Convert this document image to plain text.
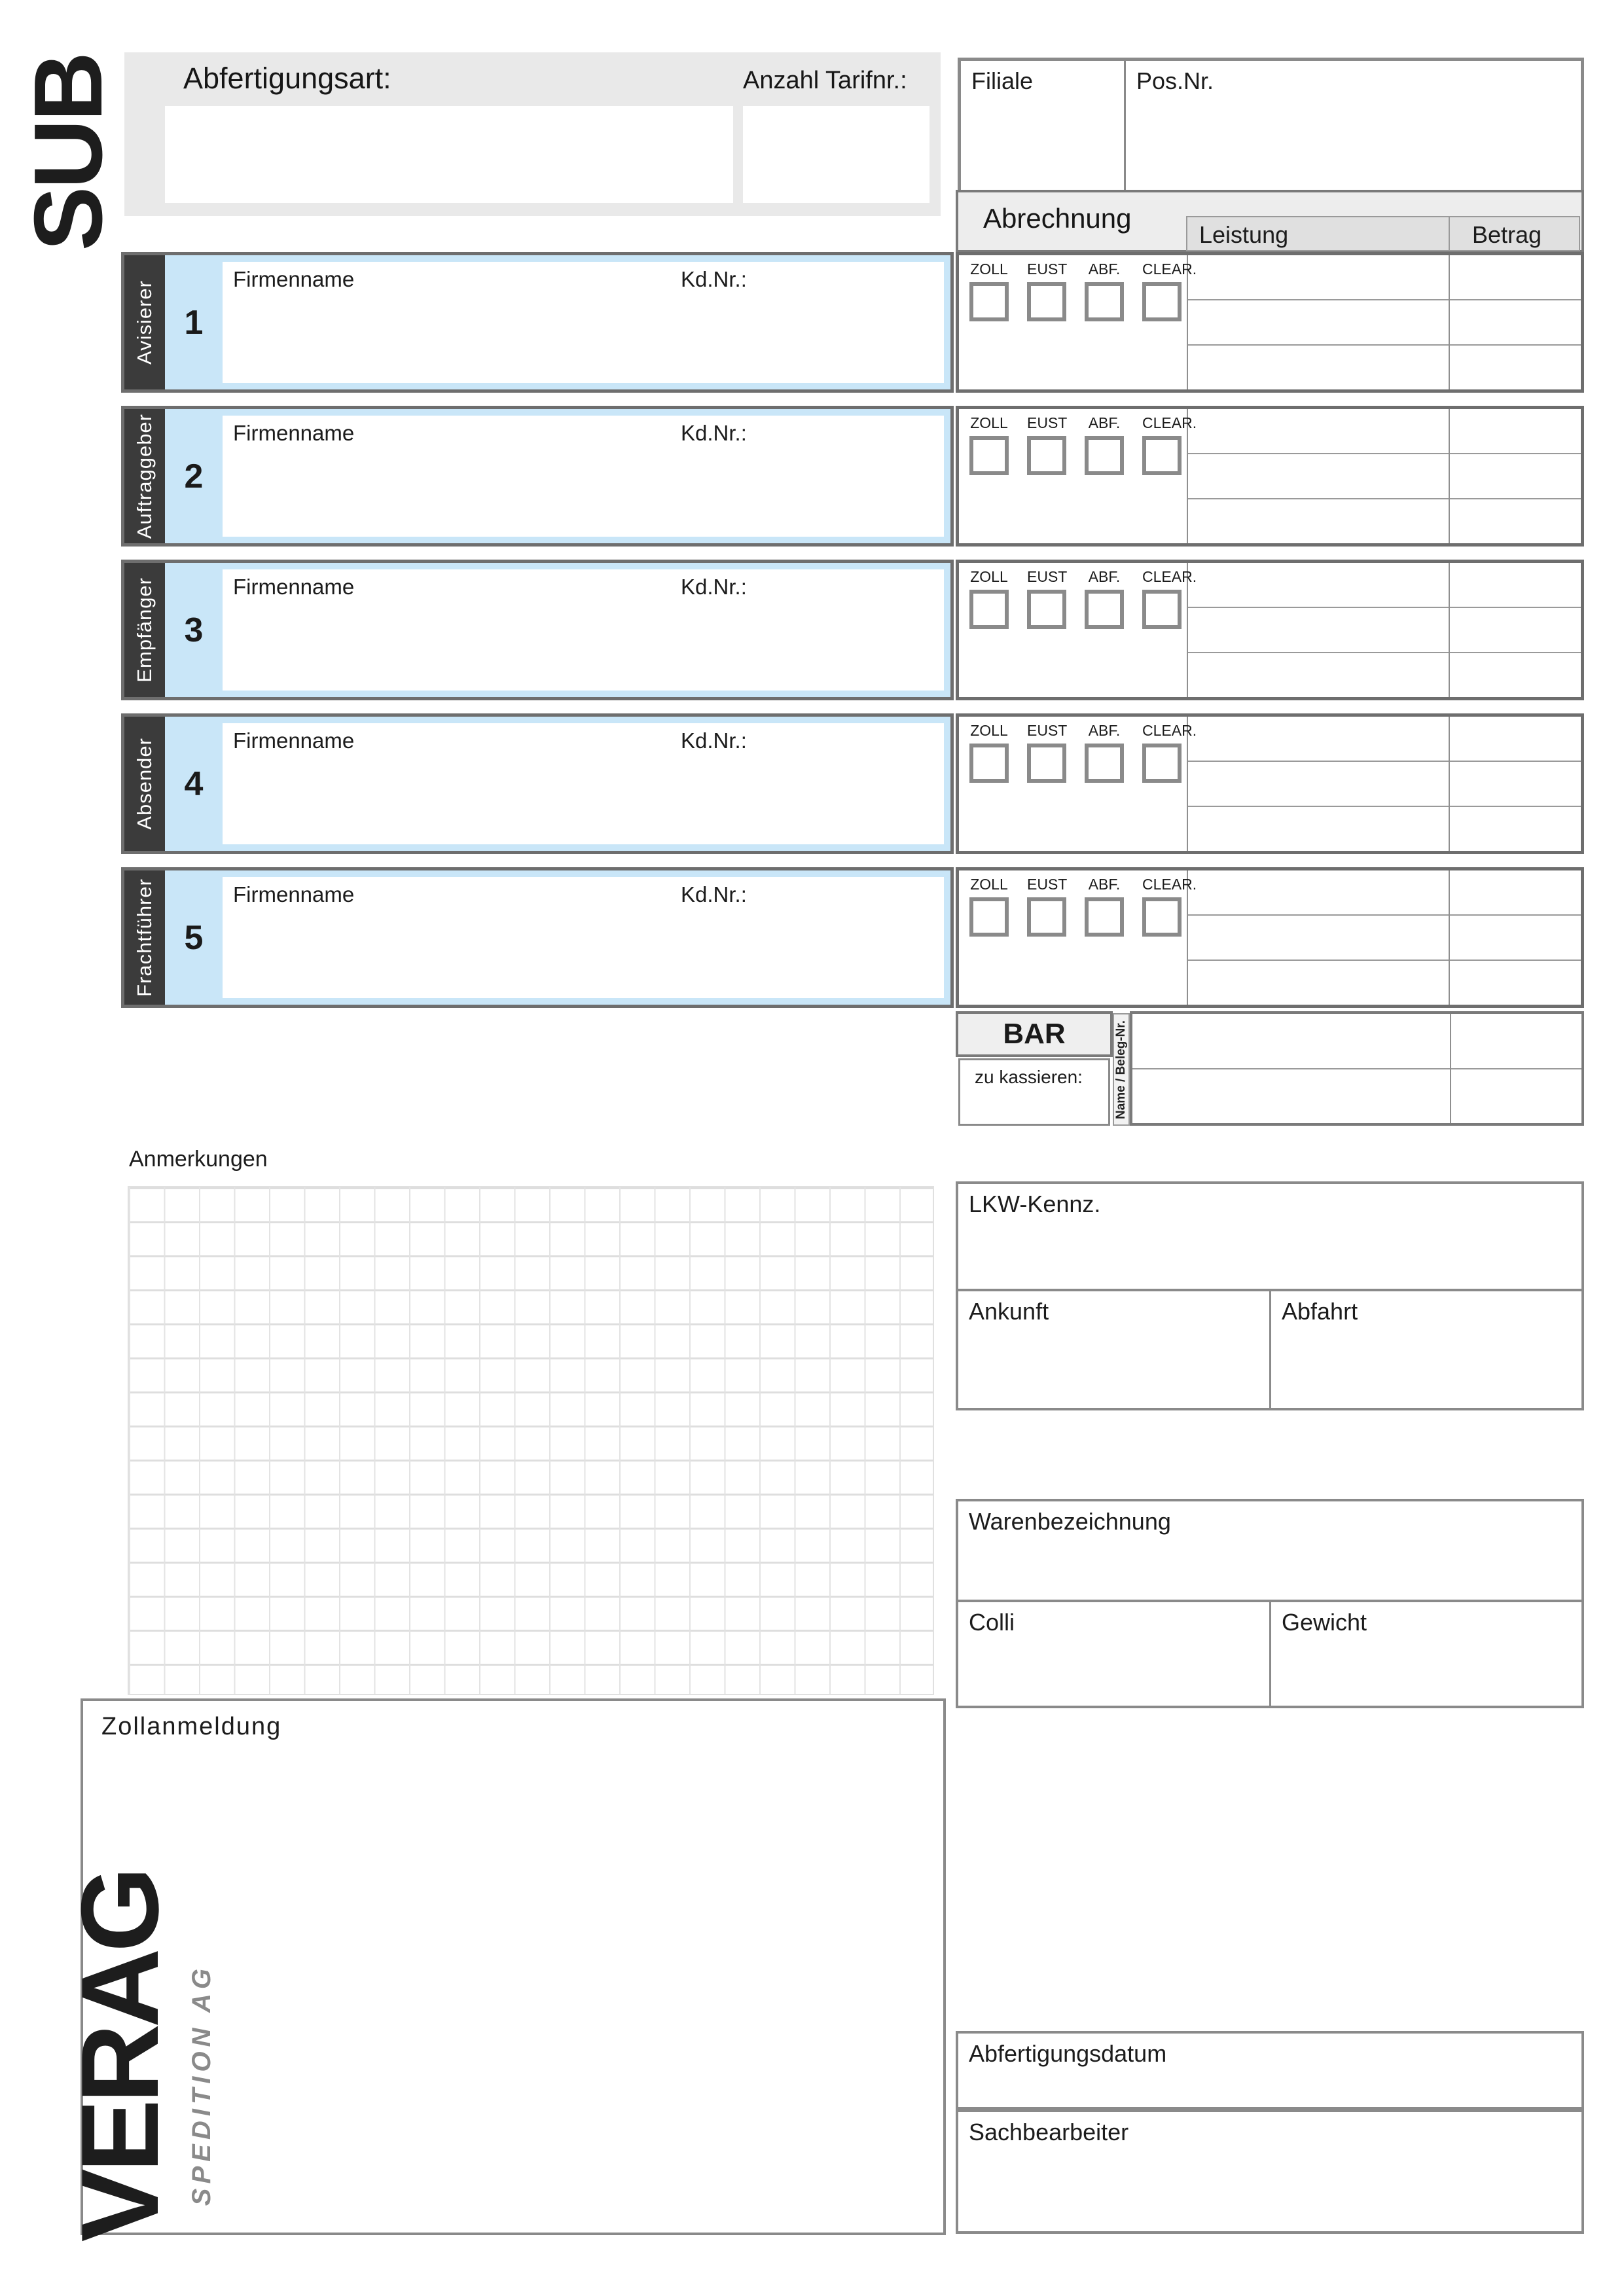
SUB Abfertigungsart:	Anzahl Tarifnr.:	Filiale	Pos.Nr.
Abrechnung
Leistung	Betrag
Avisierer 1
Firmenname	Kd.Nr.:
Auftraggeber 2
Firmenname	Kd.Nr.:
Empfänger 3
Firmenname	Kd.Nr.:
Absender 4
Firmenname	Kd.Nr.:
Frachtführer 5
Firmenname	Kd.Nr.:
ZOLL EUST ABF. CLEAR.
ZOLL EUST ABF. CLEAR.
ZOLL EUST ABF. CLEAR.
ZOLL EUST ABF. CLEAR.
ZOLL EUST ABF. CLEAR.
BAR
zu kassieren:	Name / Beleg-Nr.
Anmerkungen
LKW-Kennz.
Ankunft	Abfahrt
Warenbezeichnung
Colli	Gewicht
Zollanmeldung
VERAG SPEDITION AG	Abfertigungsdatum
Sachbearbeiter
